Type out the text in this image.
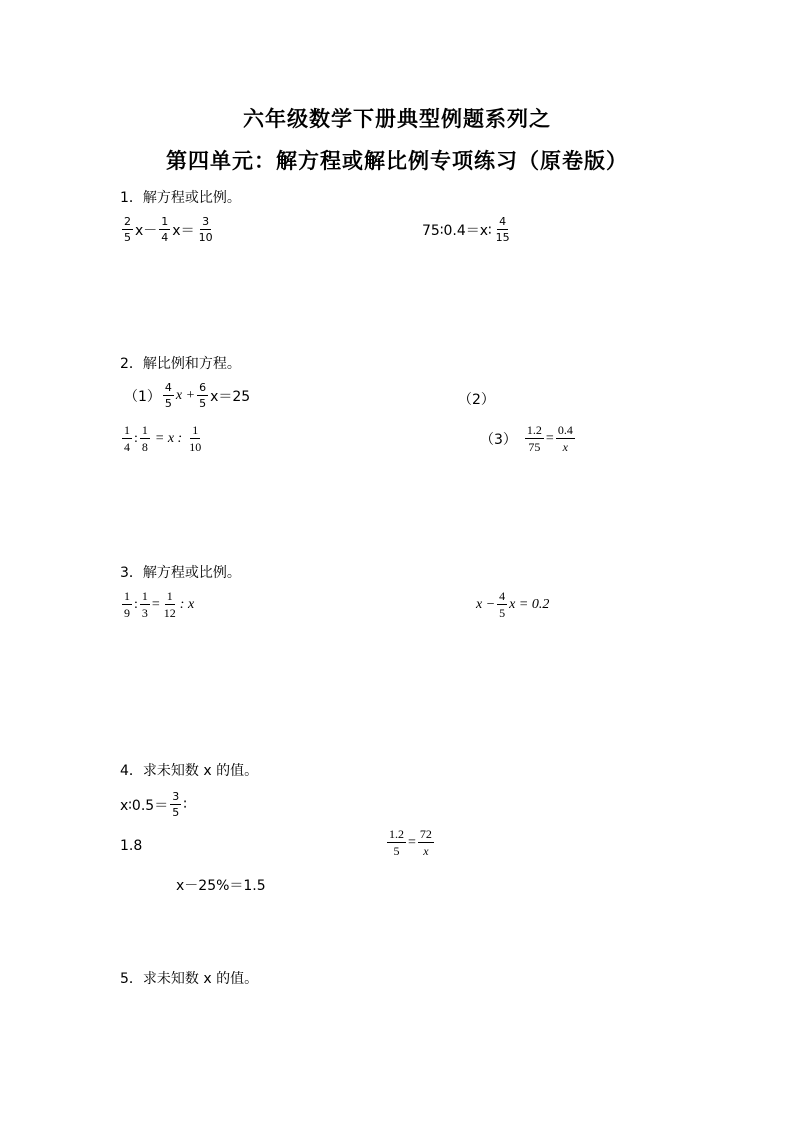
六年级数学下册典型例题系列之
第四单元：解方程或解比例专项练习（原卷版）
1．解方程或比例。
$\frac{2}{5} x- \frac{1}{4} x= \frac{3}{10}$	75∶0.4＝x∶ $\frac{4}{15}$
2．解比例和方程。
$(1) \frac{4}{5}$ $x + \frac{6}{5} x=25$	（2）
$\frac{1}{4}$ : $\frac{1}{8} = x$ : $\frac{1}{10}$	$(3) \frac{1.2}{75} = \frac{0.4}{x}$
3．解方程或比例。
$\frac{1}{9}$ : $\frac{1}{3} = \frac{1}{12}$ : x	$x - \frac{4}{5}$ x = 0.2
4．求未知数 x 的值。
x∶0.5＝ $\frac{3}{5}$ ∶
1.8	$\frac{1.2}{5} = \frac{72}{x}$
x－25%＝1.5
5．求未知数 x 的值。
